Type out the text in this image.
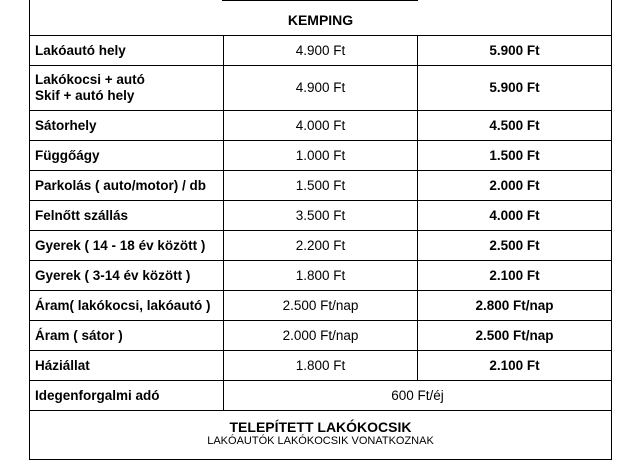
KEMPING		
Lakóautó hely	4.900 Ft	5.900 Ft
Lakókocsi + autó
Skif + autó hely	4.900 Ft	5.900 Ft
Sátorhely	4.000 Ft	4.500 Ft
Függőágy	1.000 Ft	1.500 Ft
Parkolás ( auto/motor) / db	1.500 Ft	2.000 Ft
Felnőtt szállás	3.500 Ft	4.000 Ft
Gyerek ( 14 - 18 év között )	2.200 Ft	2.500 Ft
Gyerek ( 3-14 év között )	1.800 Ft	2.100 Ft
Áram( lakókocsi, lakóautó )	2.500 Ft/nap	2.800 Ft/nap
Áram ( sátor )	2.000 Ft/nap	2.500 Ft/nap
Háziállat	1.800 Ft	2.100 Ft
Idegenforgalmi adó	600 Ft/éj	
TELEPÍTETT LAKÓKOCSIK
LAKÓAUTÓK LAKÓKOCSIK VONATKOZNAK		
